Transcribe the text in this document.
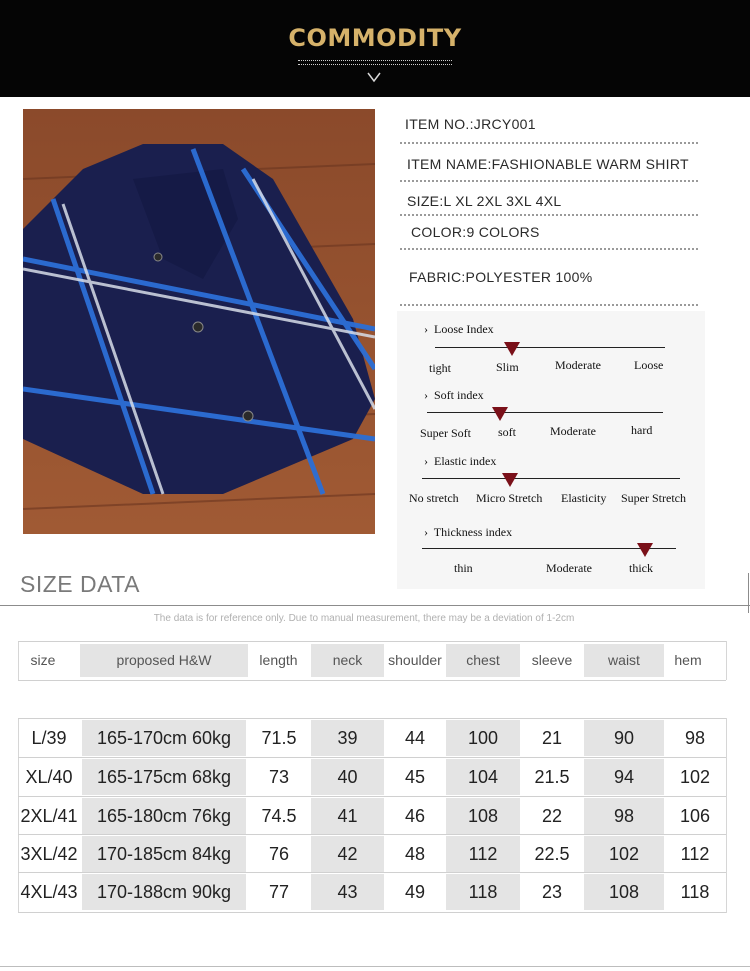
COMMODITY
ITEM NO.:JRCY001
ITEM NAME:FASHIONABLE WARM SHIRT
SIZE:L XL 2XL 3XL 4XL
COLOR:9 COLORS
FABRIC:POLYESTER 100%
›  Loose Index
tight	Slim	Moderate	Loose
›  Soft index
Super Soft soft	Moderate	hard
›  Elastic index
No stretch Micro Stretch Elasticity Super Stretch
›  Thickness index
thin	Moderate	thick
SIZE DATA
The data is for reference only. Due to manual measurement, there may be a deviation of 1-2cm
size	proposed H&W	length	neck	shoulder	chest	sleeve	waist	hem
L/39	165-170cm 60kg	71.5	39	44	100	21	90	98
XL/40	165-175cm 68kg	73	40	45	104	21.5	94	102
2XL/41	165-180cm 76kg	74.5	41	46	108	22	98	106
3XL/42	170-185cm 84kg	76	42	48	112	22.5	102	112
4XL/43	170-188cm 90kg	77	43	49	118	23	108	118
